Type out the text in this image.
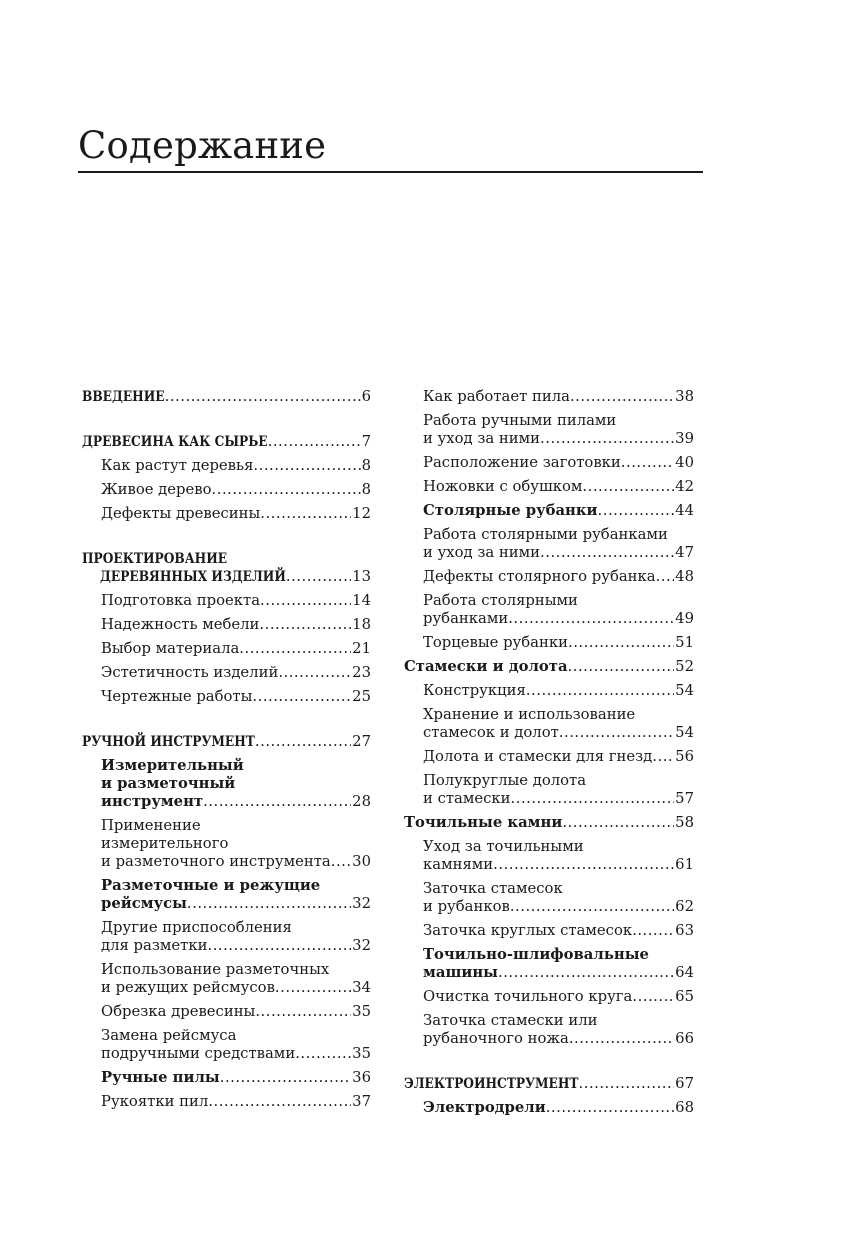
Содержание
ВВЕДЕНИЕ .....	6
ДРЕВЕСИНА КАК СЫРЬЕ .....	7
Как растут деревья .....	8
Живое дерево .....	8
Дефекты древесины .....	12
ПРОЕКТИРОВАНИЕ
ДЕРЕВЯННЫХ ИЗДЕЛИЙ .....	13
Подготовка проекта .....	14
Надежность мебели .....	18
Выбор материала .....	21
Эстетичность изделий .....	23
Чертежные работы .....	25
РУЧНОЙ ИНСТРУМЕНТ .....	27
Измерительный
и разметочный
инструмент .....	28
Применение
измерительного
и разметочного инструмента ..... 30
Разметочные и режущие
рейсмусы .....	32
Другие приспособления
для разметки .....	32
Использование разметочных
и режущих рейсмусов .....	34
Обрезка древесины .....	35
Замена рейсмуса
подручными средствами .....	35
Ручные пилы .....	36
Рукоятки пил .....	37
Как работает пила .....	38
Работа ручными пилами
и уход за ними .....	39
Расположение заготовки .....	40
Ножовки с обушком .....	42
Столярные рубанки .....	44
Работа столярными рубанками
и уход за ними .....	47
Дефекты столярного рубанка ..... 48
Работа столярными
рубанками .....	49
Торцевые рубанки .....	51
Стамески и долота .....	52
Конструкция .....	54
Хранение и использование
стамесок и долот .....	54
Долота и стамески для гнезд ..... 56
Полукруглые долота
и стамески .....	57
Точильные камни .....	58
Уход за точильными
камнями .....	61
Заточка стамесок
и рубанков .....	62
Заточка круглых стамесок .....	63
Точильно-шлифовальные
машины .....	64
Очистка точильного круга .....	65
Заточка стамески или
рубаночного ножа .....	66
ЭЛЕКТРОИНСТРУМЕНТ .....	67
Электродрели .....	68
